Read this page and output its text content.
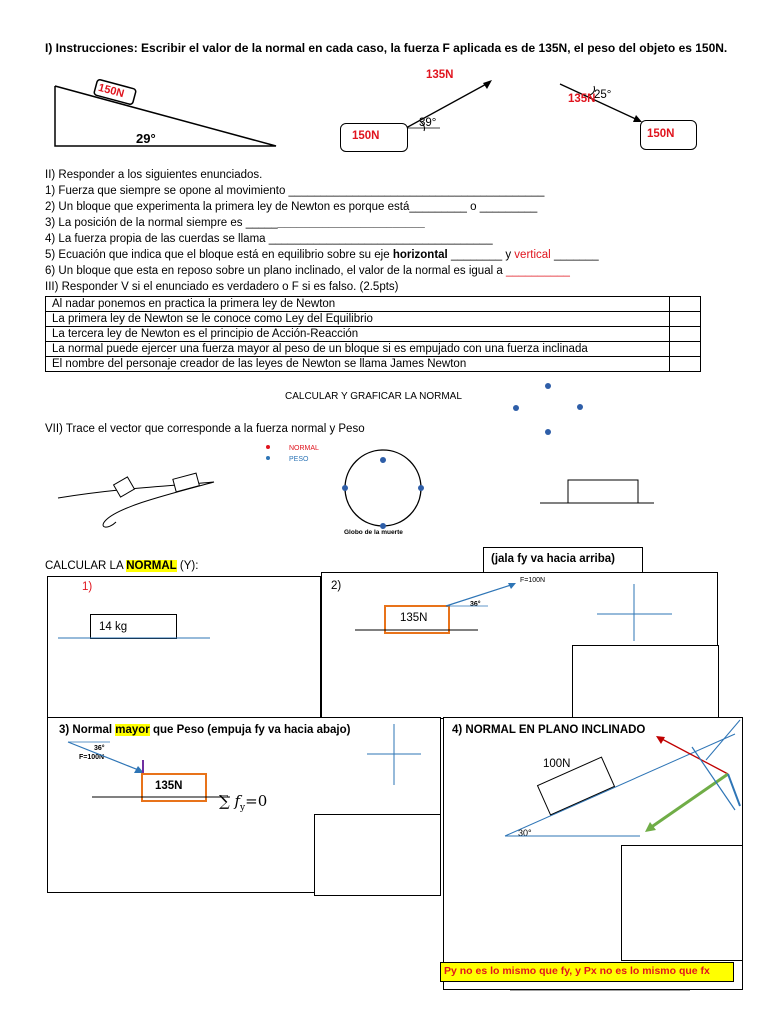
I) Instrucciones: Escribir el valor de la normal en cada caso, la fuerza F aplicada es de 135N, el peso del objeto es 150N.
150N
29°	150N
135N
39°
150N
135N
25°
II) Responder a los siguientes enunciados.
1) Fuerza que siempre se opone al movimiento ________________________________________
2) Un bloque que experimenta la primera ley de Newton es porque está_________ o _________
3) La posición de la normal siempre es ____________________________
4) La fuerza propia de las cuerdas se llama ___________________________________
5) Ecuación que indica que el bloque está en equilibrio sobre su eje horizontal ________ y vertical _______
6) Un bloque que esta en reposo sobre un plano inclinado, el valor de la normal es igual a __________
III) Responder V si el enunciado es verdadero o F si es falso. (2.5pts)
Al nadar ponemos en practica la primera ley de Newton	
La primera ley de Newton se le conoce como Ley del Equilibrio	
La tercera ley de Newton es el principio de Acción-Reacción	
La normal puede ejercer una fuerza mayor al peso de un bloque si es empujado con una fuerza inclinada	
El nombre del personaje creador de las leyes de Newton se llama James Newton	
CALCULAR Y GRAFICAR LA NORMAL
VII) Trace el vector que corresponde a la fuerza normal y Peso
NORMAL
PESO
Globo de la muerte
CALCULAR LA NORMAL (Y):
(jala fy va hacia arriba)
1)
14 kg
2)
135N
F=100N
36°
3) Normal mayor que Peso (empuja fy va hacia abajo)
135N
36°
F=100N
∑ $f_y=0$
4) NORMAL EN PLANO INCLINADO
100N
30°
Py no es lo mismo que fy, y Px no es lo mismo que fx
